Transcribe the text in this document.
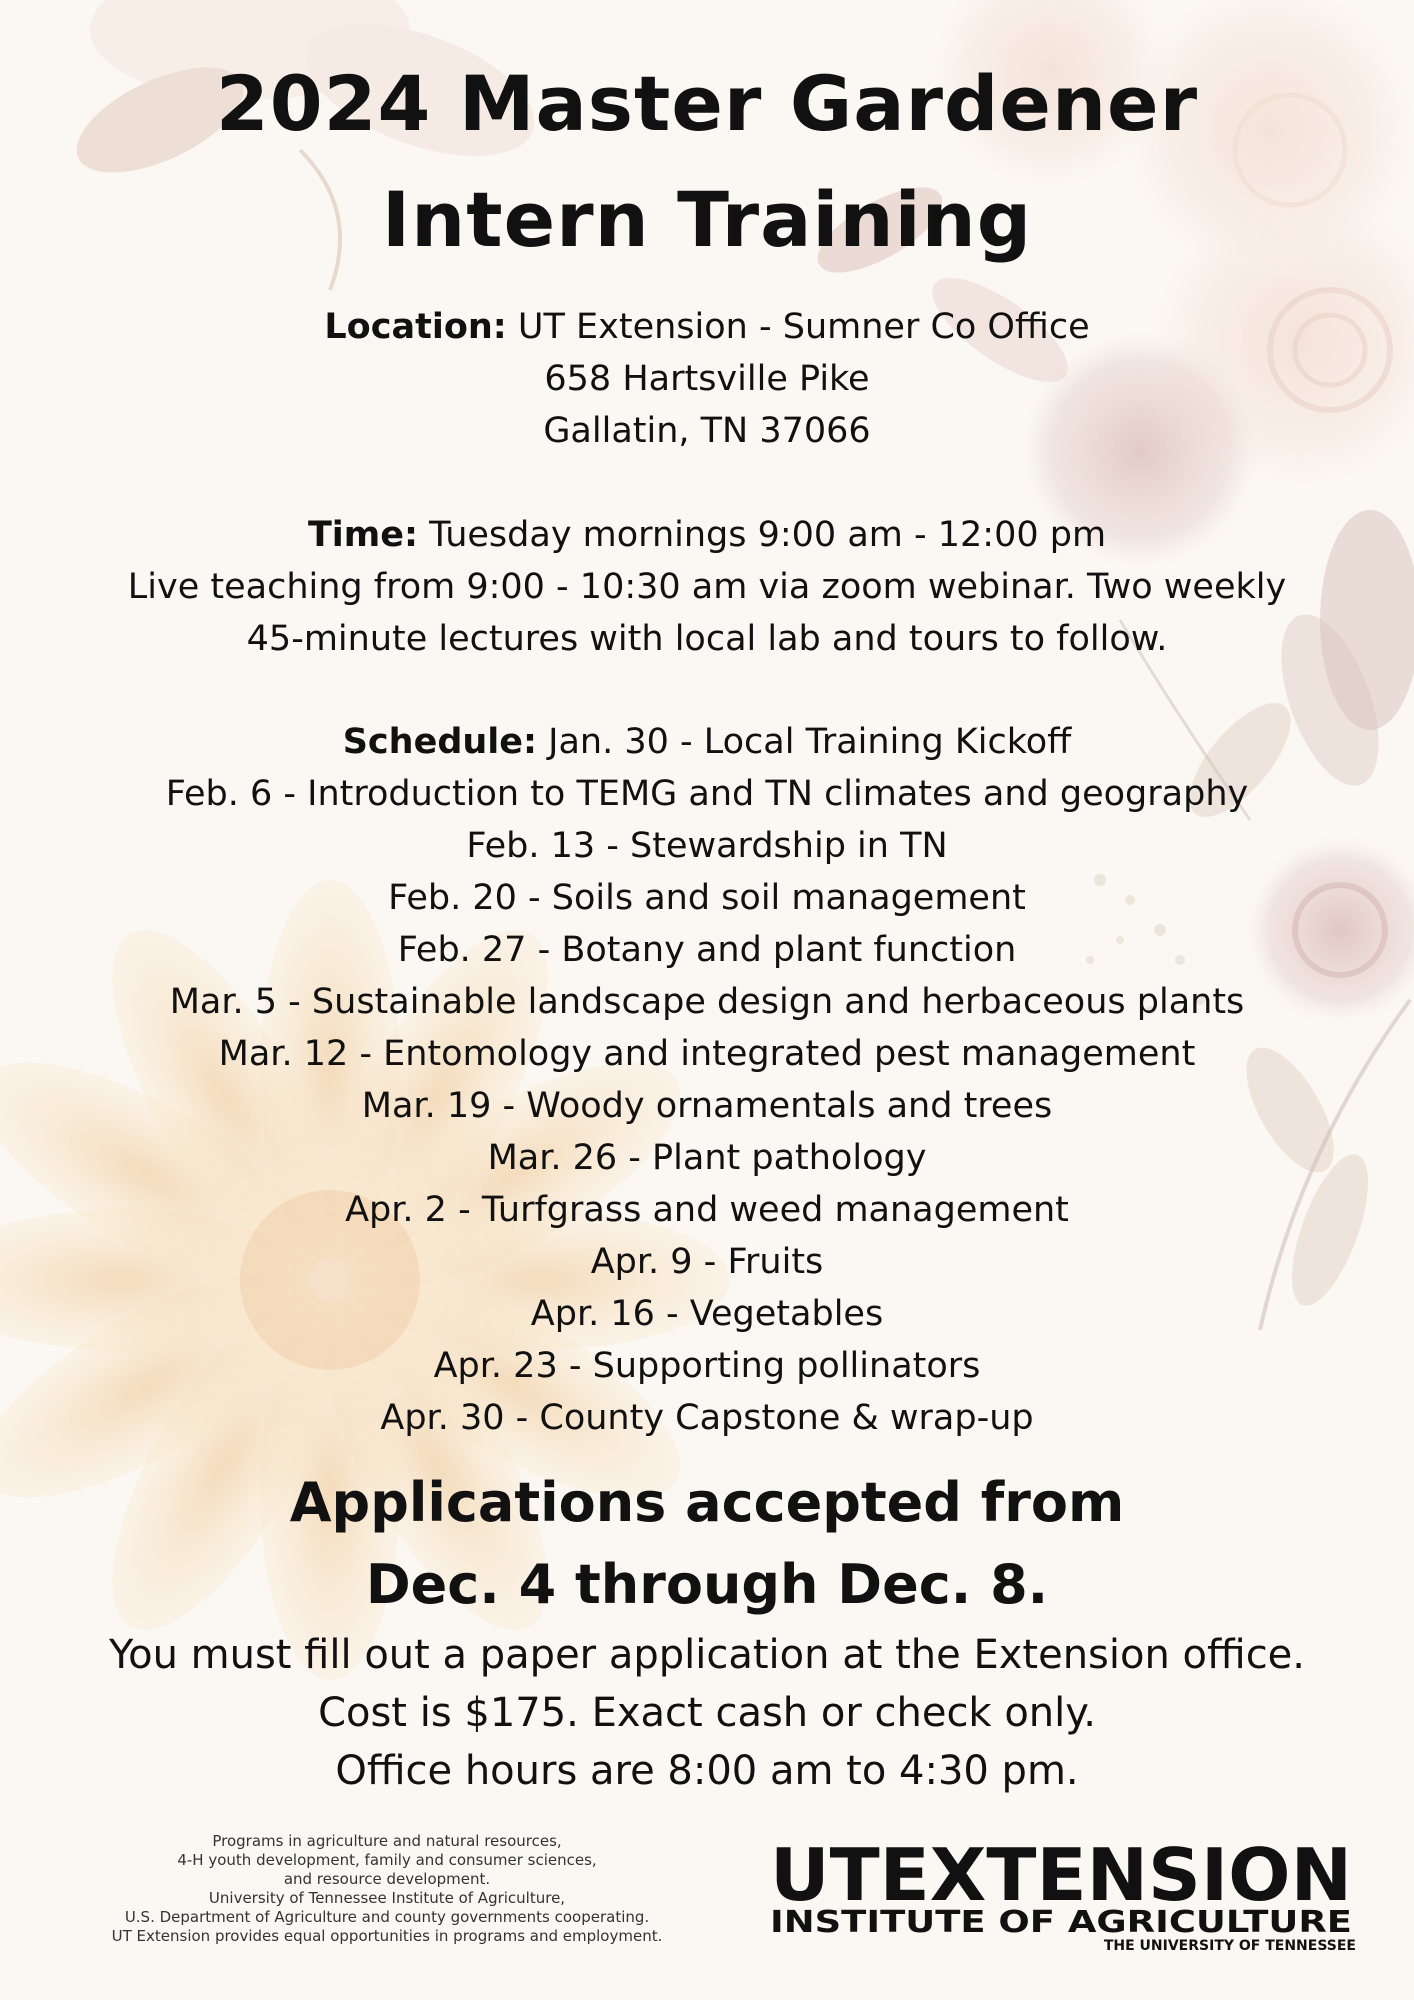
2024 Master Gardener
Intern Training
Location: UT Extension - Sumner Co Office
658 Hartsville Pike
Gallatin, TN 37066
Time: Tuesday mornings 9:00 am - 12:00 pm
Live teaching from 9:00 - 10:30 am via zoom webinar. Two weekly
45-minute lectures with local lab and tours to follow.
Schedule: Jan. 30 - Local Training Kickoff
Feb. 6 - Introduction to TEMG and TN climates and geography
Feb. 13 - Stewardship in TN
Feb. 20 - Soils and soil management
Feb. 27 - Botany and plant function
Mar. 5 - Sustainable landscape design and herbaceous plants
Mar. 12 - Entomology and integrated pest management
Mar. 19 - Woody ornamentals and trees
Mar. 26 - Plant pathology
Apr. 2 - Turfgrass and weed management
Apr. 9 - Fruits
Apr. 16 - Vegetables
Apr. 23 - Supporting pollinators
Apr. 30 - County Capstone & wrap-up
Applications accepted from
Dec. 4 through Dec. 8.
You must fill out a paper application at the Extension office.
Cost is $175. Exact cash or check only.
Office hours are 8:00 am to 4:30 pm.
Programs in agriculture and natural resources,
4-H youth development, family and consumer sciences,
and resource development.
University of Tennessee Institute of Agriculture,
U.S. Department of Agriculture and county governments cooperating.
UT Extension provides equal opportunities in programs and employment.
UTEXTENSION
INSTITUTE OF AGRICULTURE
THE UNIVERSITY OF TENNESSEE
